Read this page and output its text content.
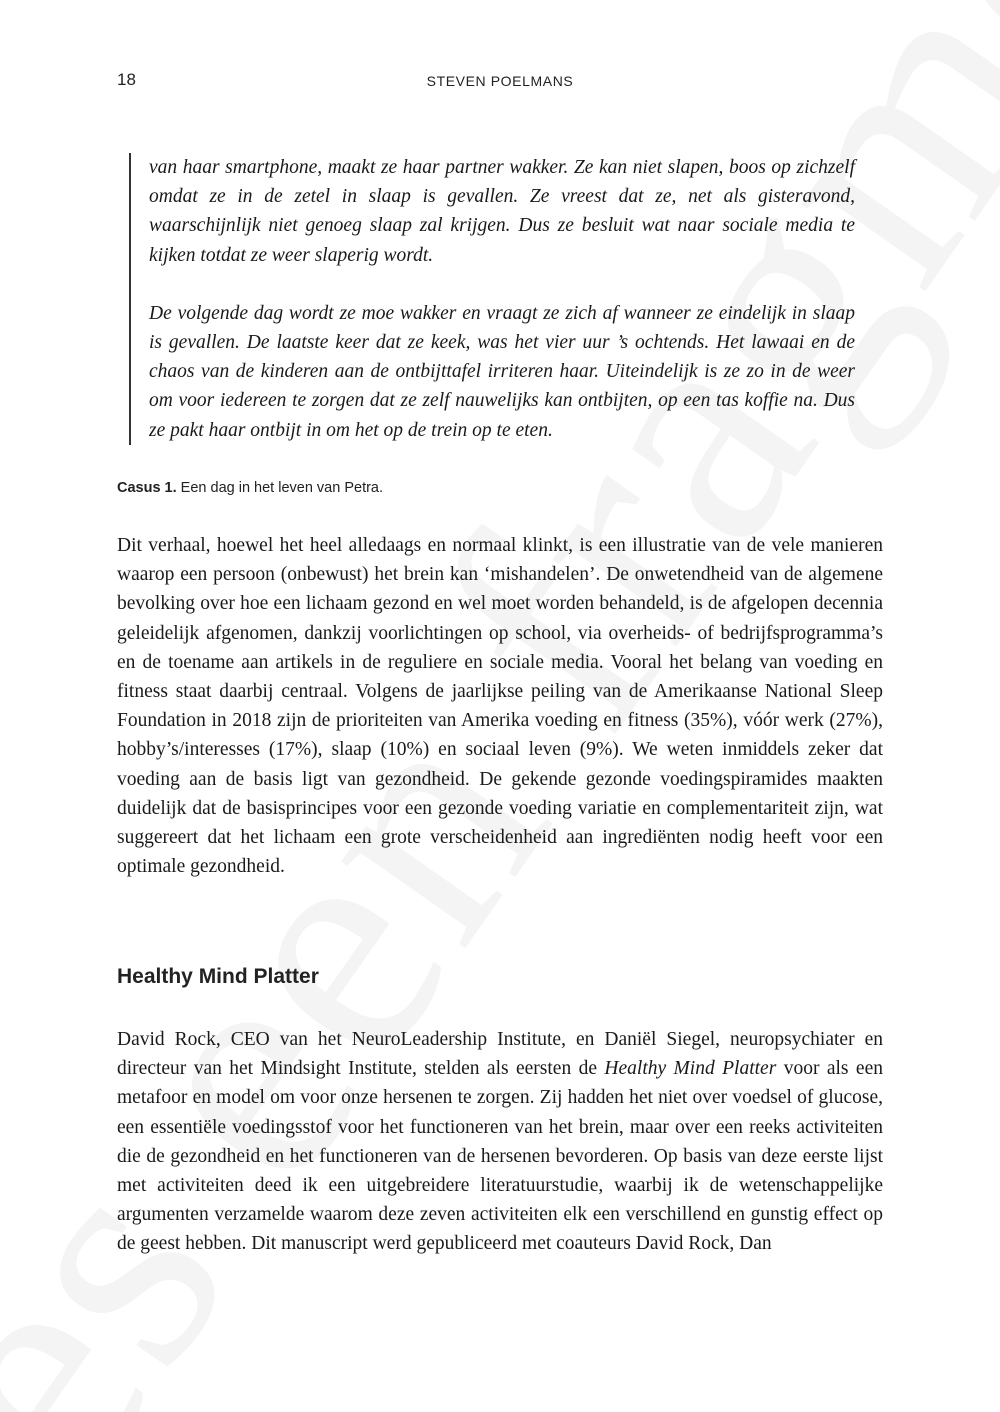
18	STEVEN POELMANS

van haar smartphone, maakt ze haar partner wakker. Ze kan niet slapen, boos op zichzelf omdat ze in de zetel in slaap is gevallen. Ze vreest dat ze, net als gisteravond, waarschijnlijk niet genoeg slaap zal krijgen. Dus ze besluit wat naar sociale media te kijken totdat ze weer slaperig wordt.

De volgende dag wordt ze moe wakker en vraagt ze zich af wanneer ze eindelijk in slaap is gevallen. De laatste keer dat ze keek, was het vier uur ’s ochtends. Het lawaai en de chaos van de kinderen aan de ontbijttafel irriteren haar. Uiteindelijk is ze zo in de weer om voor iedereen te zorgen dat ze zelf nauwelijks kan ontbijten, op een tas koffie na. Dus ze pakt haar ontbijt in om het op de trein op te eten.

Casus 1. Een dag in het leven van Petra.

Dit verhaal, hoewel het heel alledaags en normaal klinkt, is een illustratie van de vele manieren waarop een persoon (onbewust) het brein kan ‘mishandelen’. De onwetendheid van de algemene bevolking over hoe een lichaam gezond en wel moet worden behandeld, is de afgelopen decennia geleidelijk afgenomen, dankzij voorlichtingen op school, via overheids- of bedrijfsprogramma’s en de toename aan artikels in de reguliere en sociale media. Vooral het belang van voeding en fitness staat daarbij centraal. Volgens de jaarlijkse peiling van de Amerikaanse National Sleep Foundation in 2018 zijn de prioriteiten van Amerika voeding en fitness (35%), vóór werk (27%), hobby’s/interesses (17%), slaap (10%) en sociaal leven (9%). We weten inmiddels zeker dat voeding aan de basis ligt van gezondheid. De gekende gezonde voedingspiramides maakten duidelijk dat de basisprincipes voor een gezonde voeding variatie en complementariteit zijn, wat suggereert dat het lichaam een grote verscheidenheid aan ingrediënten nodig heeft voor een optimale gezondheid.

Healthy Mind Platter

David Rock, CEO van het NeuroLeadership Institute, en Daniël Siegel, neuropsychiater en directeur van het Mindsight Institute, stelden als eersten de Healthy Mind Platter voor als een metafoor en model om voor onze hersenen te zorgen. Zij hadden het niet over voedsel of glucose, een essentiële voedingsstof voor het functioneren van het brein, maar over een reeks activiteiten die de gezondheid en het functioneren van de hersenen bevorderen. Op basis van deze eerste lijst met activiteiten deed ik een uitgebreidere literatuurstudie, waarbij ik de wetenschappelijke argumenten verzamelde waarom deze zeven activiteiten elk een verschillend en gunstig effect op de geest hebben. Dit manuscript werd gepubliceerd met coauteurs David Rock, Dan
